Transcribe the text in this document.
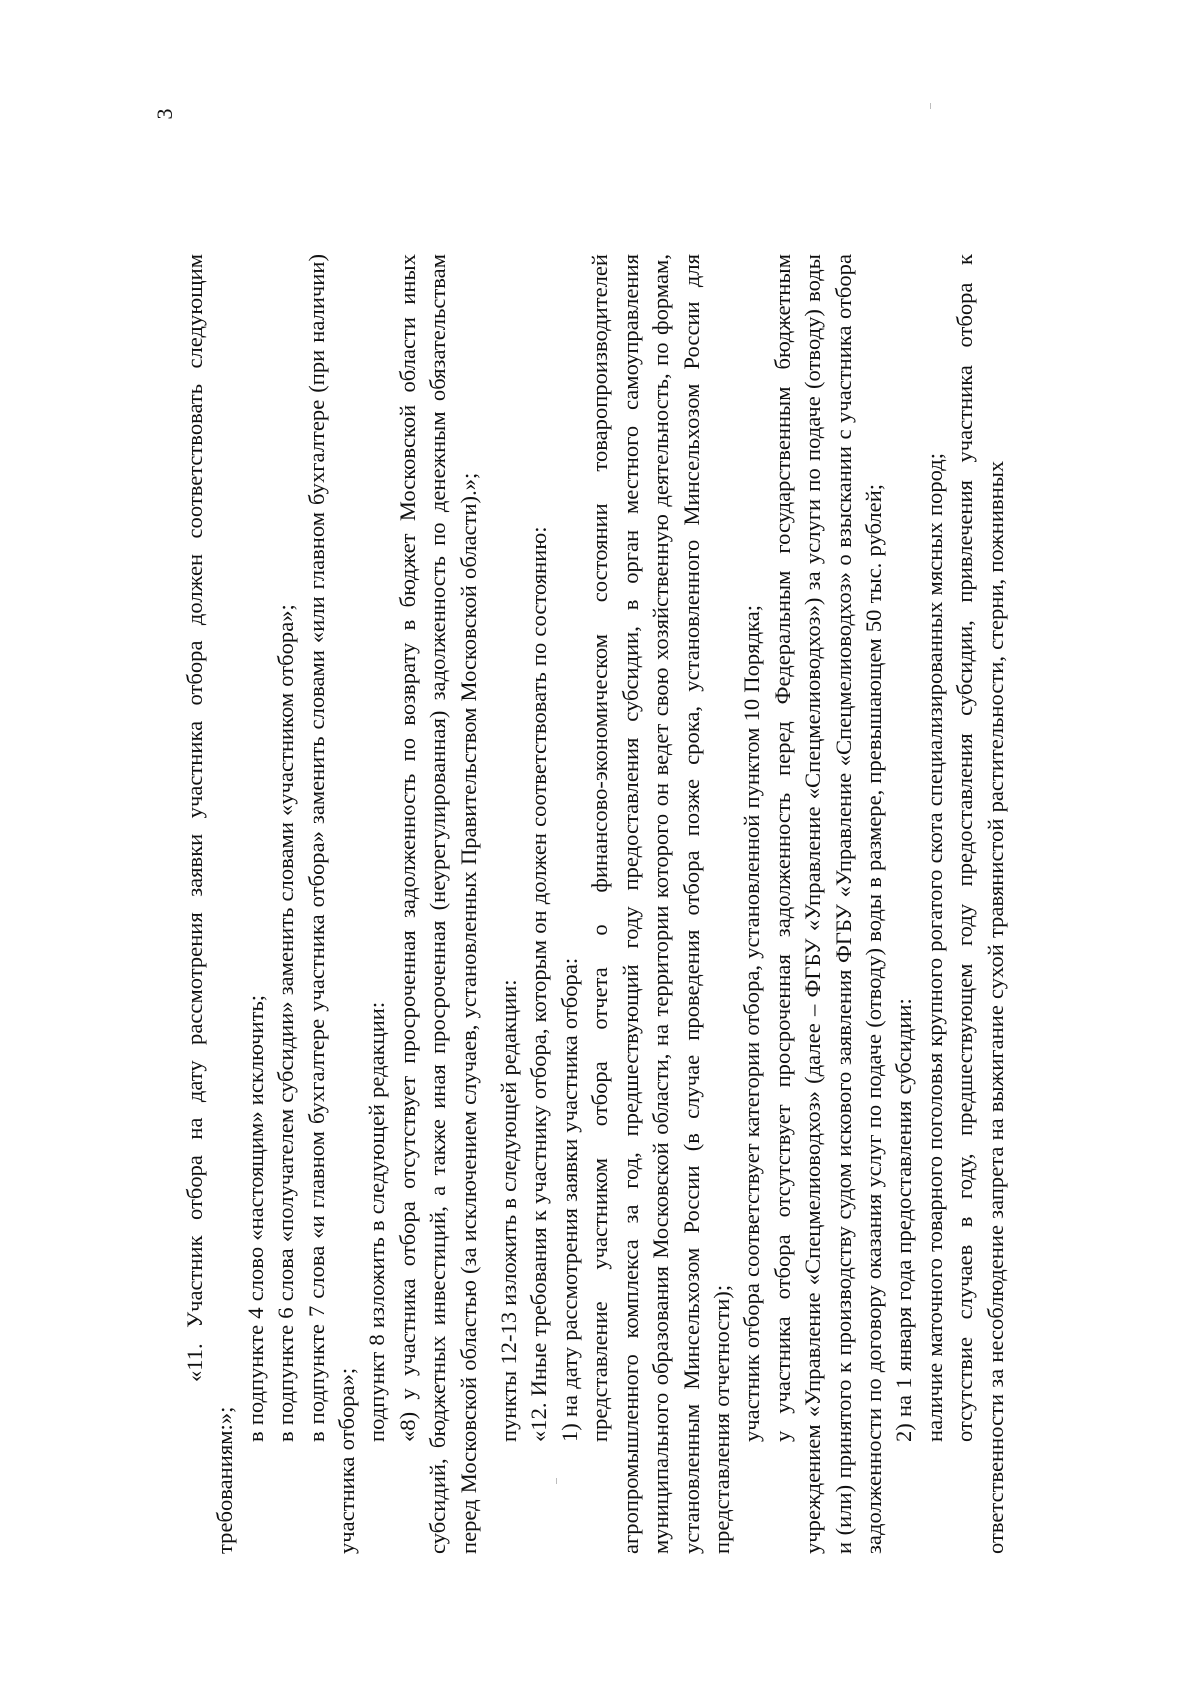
3

«11. Участник отбора на дату рассмотрения заявки участника отбора должен соответствовать следующим требованиям:»;

в подпункте 4 слово «настоящим» исключить; в подпункте 6 слова «получателем субсидии» заменить словами «участником отбора»; в подпункте 7 слова «и главном бухгалтере участника отбора» заменить словами «или главном бухгалтере (при наличии) участника отбора»;

подпункт 8 изложить в следующей редакции: «8) у участника отбора отсутствует просроченная задолженность по возврату в бюджет Московской области иных субсидий, бюджетных инвестиций, а также иная просроченная (неурегулированная) задолженность по денежным обязательствам перед Московской областью (за исключением случаев, установленных Правительством Московской области).»; пункты 12-13 изложить в следующей редакции: «12. Иные требования к участнику отбора, которым он должен соответствовать по состоянию: 1) на дату рассмотрения заявки участника отбора: представление участником отбора отчета о финансово-экономическом состоянии товаропроизводителей агропромышленного комплекса за год, предшествующий году предоставления субсидии, в орган местного самоуправления муниципального образования Московской области, на территории которого он ведет свою хозяйственную деятельность, по формам, установленным Минсельхозом России (в случае проведения отбора позже срока, установленного Минсельхозом России для представления отчетности); участник отбора соответствует категории отбора, установленной пунктом 10 Порядка; у участника отбора отсутствует просроченная задолженность перед Федеральным государственным бюджетным учреждением «Управление «Спецмелиоводхоз» (далее – ФГБУ «Управление «Спецмелиоводхоз») за услуги по подаче (отводу) воды и (или) принятого к производству судом искового заявления ФГБУ «Управление «Спецмелиоводхоз» о взыскании с участника отбора задолженности по договору оказания услуг по подаче (отводу) воды в размере, превышающем 50 тыс. рублей; 2) на 1 января года предоставления субсидии: наличие маточного товарного поголовья крупного рогатого скота специализированных мясных пород; отсутствие случаев в году, предшествующем году предоставления субсидии, привлечения участника отбора к ответственности за несоблюдение запрета на выжигание сухой травянистой растительности, стерни, пожнивных
